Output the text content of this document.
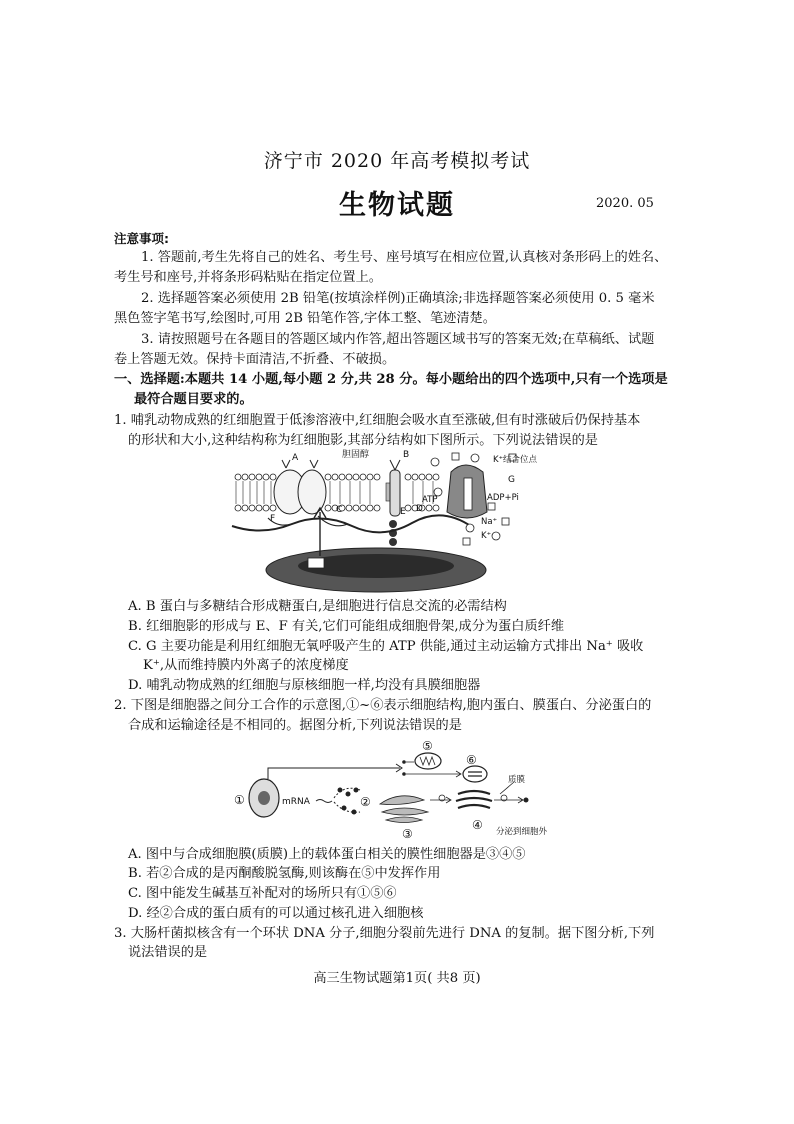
济宁市 2020 年高考模拟考试
生物试题	2020. 05
注意事项:
1. 答题前,考生先将自己的姓名、考生号、座号填写在相应位置,认真核对条形码上的姓名、
考生号和座号,并将条形码粘贴在指定位置上。
2. 选择题答案必须使用 2B 铅笔(按填涂样例)正确填涂;非选择题答案必须使用 0. 5 毫米
黑色签字笔书写,绘图时,可用 2B 铅笔作答,字体工整、笔迹清楚。
3. 请按照题号在各题目的答题区域内作答,超出答题区域书写的答案无效;在草稿纸、试题
卷上答题无效。保持卡面清洁,不折叠、不破损。
一、选择题:本题共 14 小题,每小题 2 分,共 28 分。每小题给出的四个选项中,只有一个选项是
最符合题目要求的。
1. 哺乳动物成熟的红细胞置于低渗溶液中,红细胞会吸水直至涨破,但有时涨破后仍保持基本
的形状和大小,这种结构称为红细胞影,其部分结构如下图所示。下列说法错误的是
A
C
B
胆固醇
D
E
F
K⁺结合位点
G
ATP	ADP+Pi
Na⁺
K⁺
A. B 蛋白与多糖结合形成糖蛋白,是细胞进行信息交流的必需结构
B. 红细胞影的形成与 E、F 有关,它们可能组成细胞骨架,成分为蛋白质纤维
C. G 主要功能是利用红细胞无氧呼吸产生的 ATP 供能,通过主动运输方式排出 Na⁺ 吸收
K⁺,从而维持膜内外离子的浓度梯度
D. 哺乳动物成熟的红细胞与原核细胞一样,均没有具膜细胞器
2. 下图是细胞器之间分工合作的示意图,①~⑥表示细胞结构,胞内蛋白、膜蛋白、分泌蛋白的
合成和运输途径是不相同的。据图分析,下列说法错误的是
①	mRNA	②
③
④
质膜
分泌到细胞外
⑤
⑥
A. 图中与合成细胞膜(质膜)上的载体蛋白相关的膜性细胞器是③④⑤
B. 若②合成的是丙酮酸脱氢酶,则该酶在⑤中发挥作用
C. 图中能发生碱基互补配对的场所只有①⑤⑥
D. 经②合成的蛋白质有的可以通过核孔进入细胞核
3. 大肠杆菌拟核含有一个环状 DNA 分子,细胞分裂前先进行 DNA 的复制。据下图分析,下列
说法错误的是
高三生物试题第1页( 共8 页)
